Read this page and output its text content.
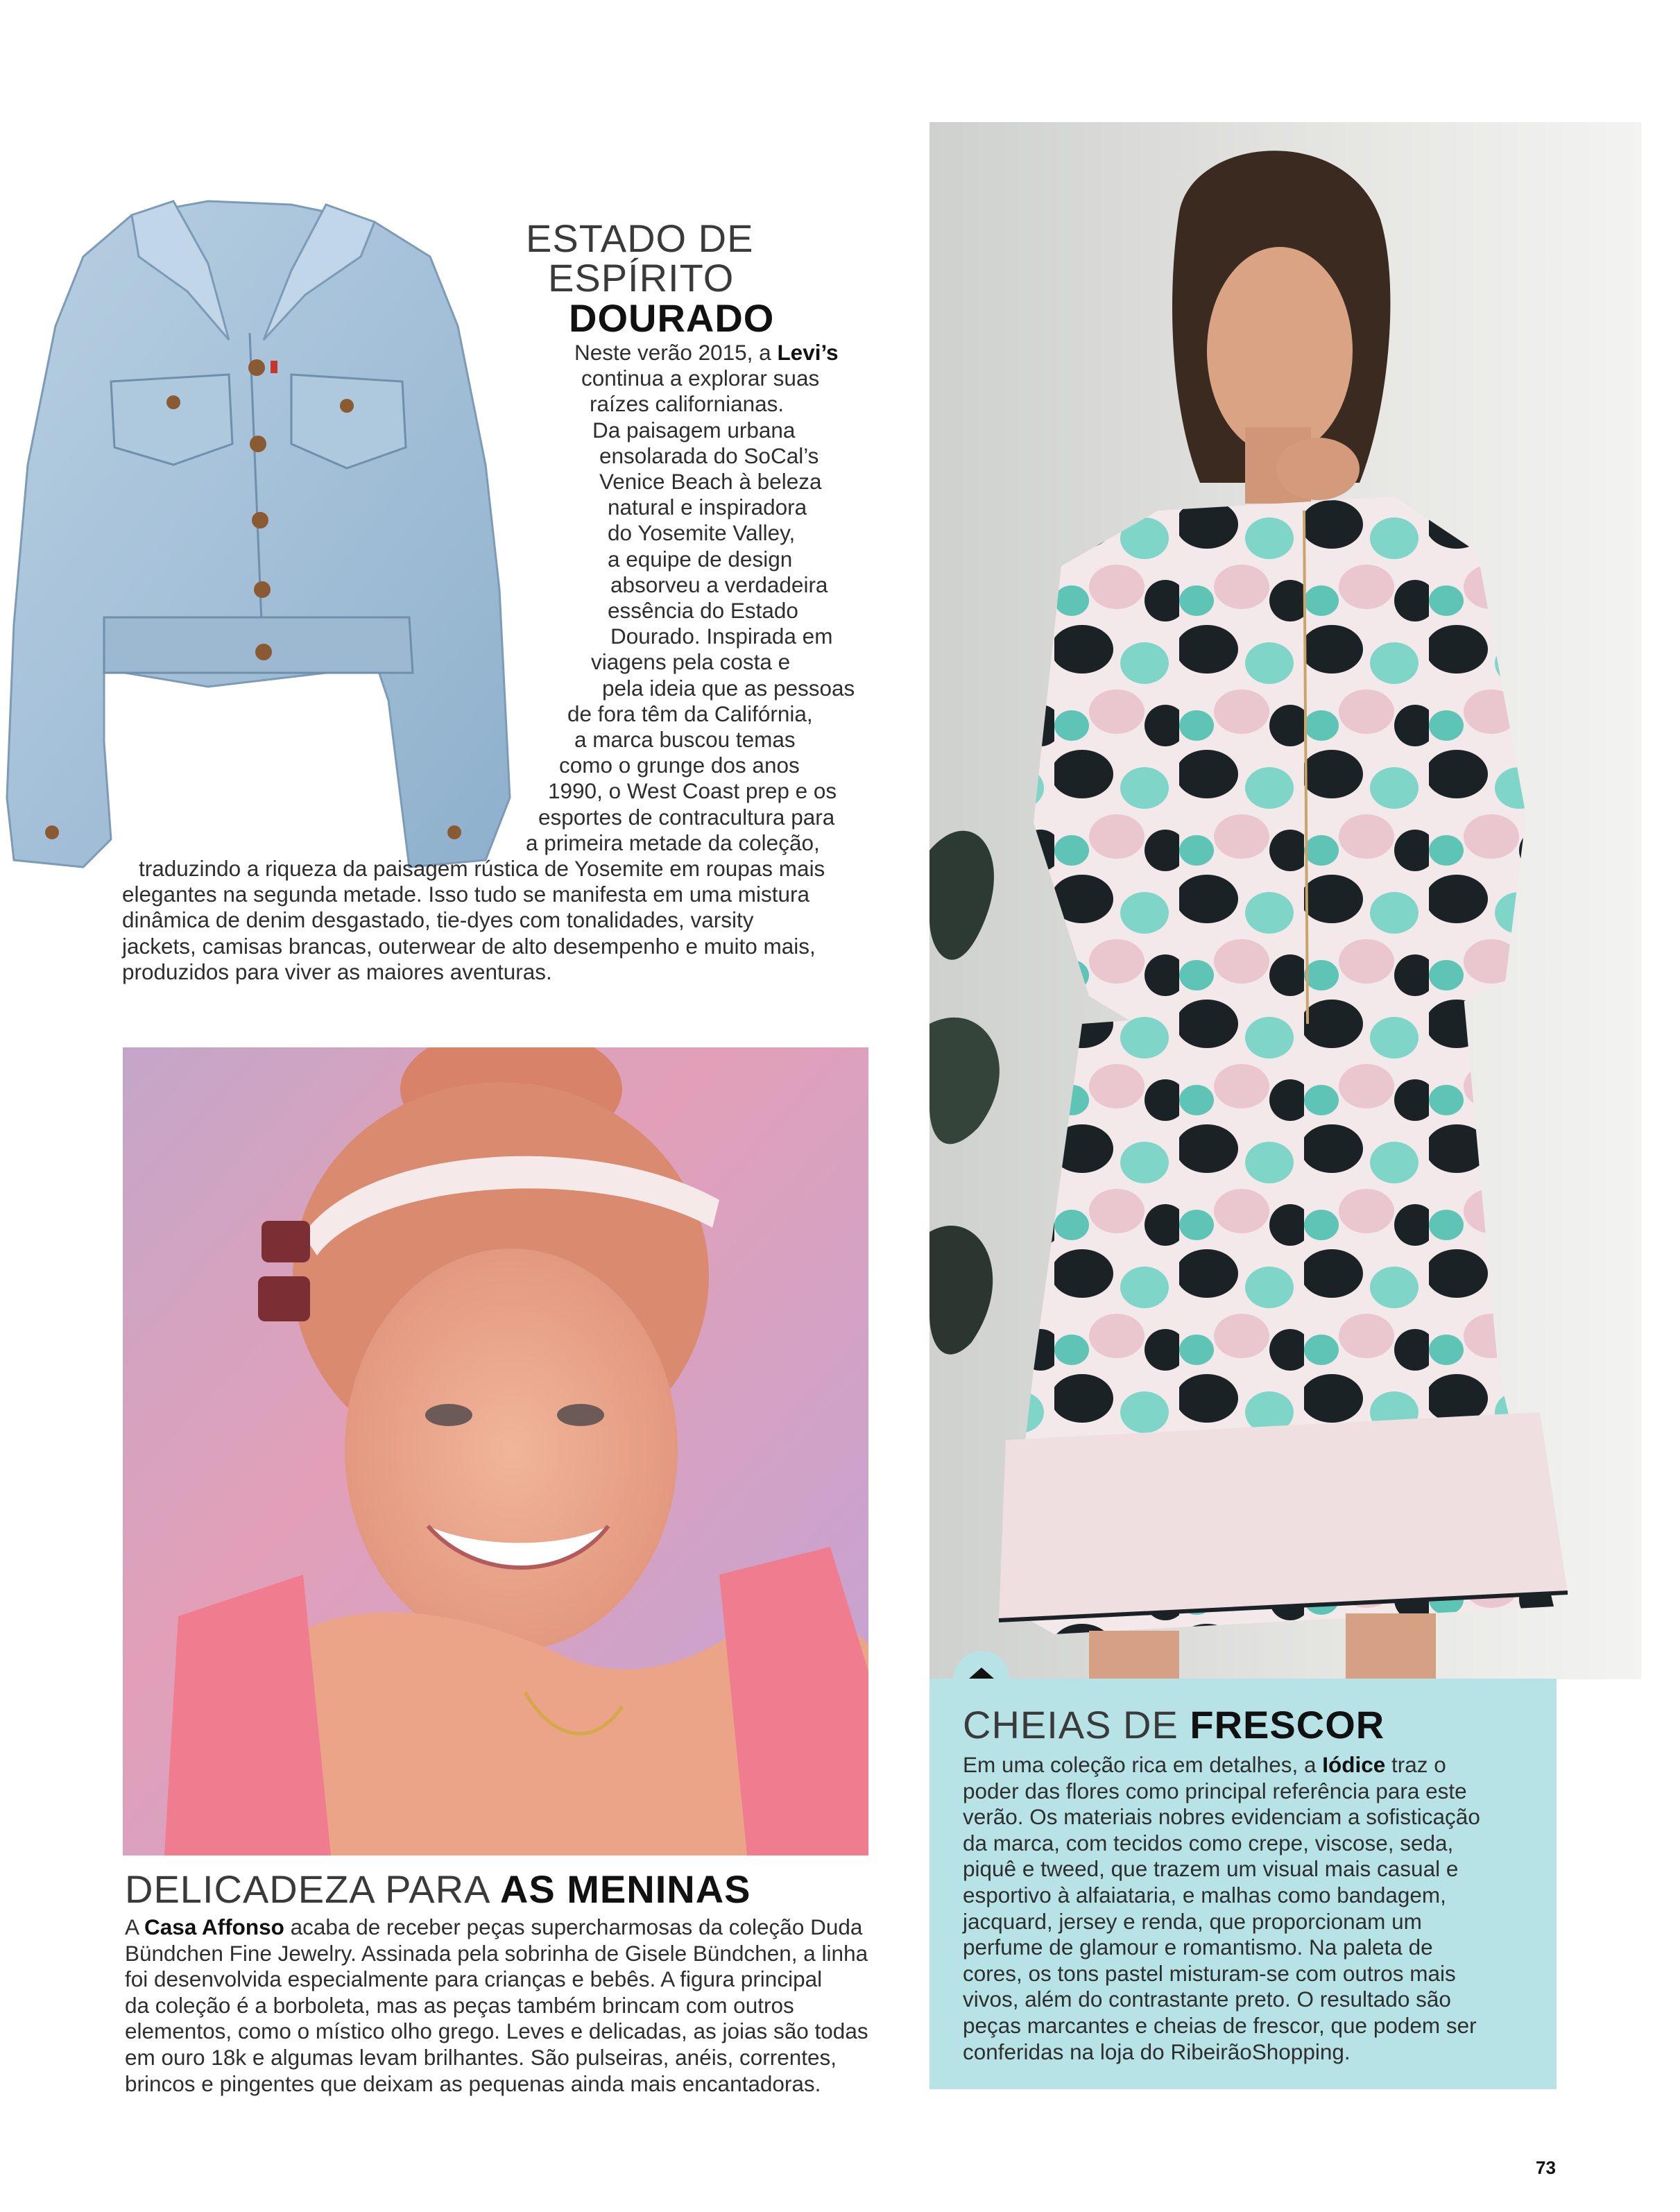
ESTADO DE
ESPÍRITO
DOURADO
Neste verão 2015, a Levi’s
continua a explorar suas
raízes californianas.
Da paisagem urbana
ensolarada do SoCal’s
Venice Beach à beleza
natural e inspiradora
do Yosemite Valley,
a equipe de design
absorveu a verdadeira
essência do Estado
Dourado. Inspirada em
viagens pela costa e
pela ideia que as pessoas
de fora têm da Califórnia,
a marca buscou temas
como o grunge dos anos
1990, o West Coast prep e os
esportes de contracultura para
a primeira metade da coleção,
traduzindo a riqueza da paisagem rústica de Yosemite em roupas mais
elegantes na segunda metade. Isso tudo se manifesta em uma mistura
dinâmica de denim desgastado, tie-dyes com tonalidades, varsity
jackets, camisas brancas, outerwear de alto desempenho e muito mais,
produzidos para viver as maiores aventuras.
CHEIAS DE FRESCOR
Em uma coleção rica em detalhes, a Iódice traz o
poder das flores como principal referência para este
verão. Os materiais nobres evidenciam a sofisticação
da marca, com tecidos como crepe, viscose, seda,
piquê e tweed, que trazem um visual mais casual e
esportivo à alfaiataria, e malhas como bandagem,
jacquard, jersey e renda, que proporcionam um
perfume de glamour e romantismo. Na paleta de
cores, os tons pastel misturam-se com outros mais
vivos, além do contrastante preto. O resultado são
peças marcantes e cheias de frescor, que podem ser
conferidas na loja do RibeirãoShopping.
DELICADEZA PARA AS MENINAS
A Casa Affonso acaba de receber peças supercharmosas da coleção Duda
Bündchen Fine Jewelry. Assinada pela sobrinha de Gisele Bündchen, a linha
foi desenvolvida especialmente para crianças e bebês. A figura principal
da coleção é a borboleta, mas as peças também brincam com outros
elementos, como o místico olho grego. Leves e delicadas, as joias são todas
em ouro 18k e algumas levam brilhantes. São pulseiras, anéis, correntes,
brincos e pingentes que deixam as pequenas ainda mais encantadoras.
73
